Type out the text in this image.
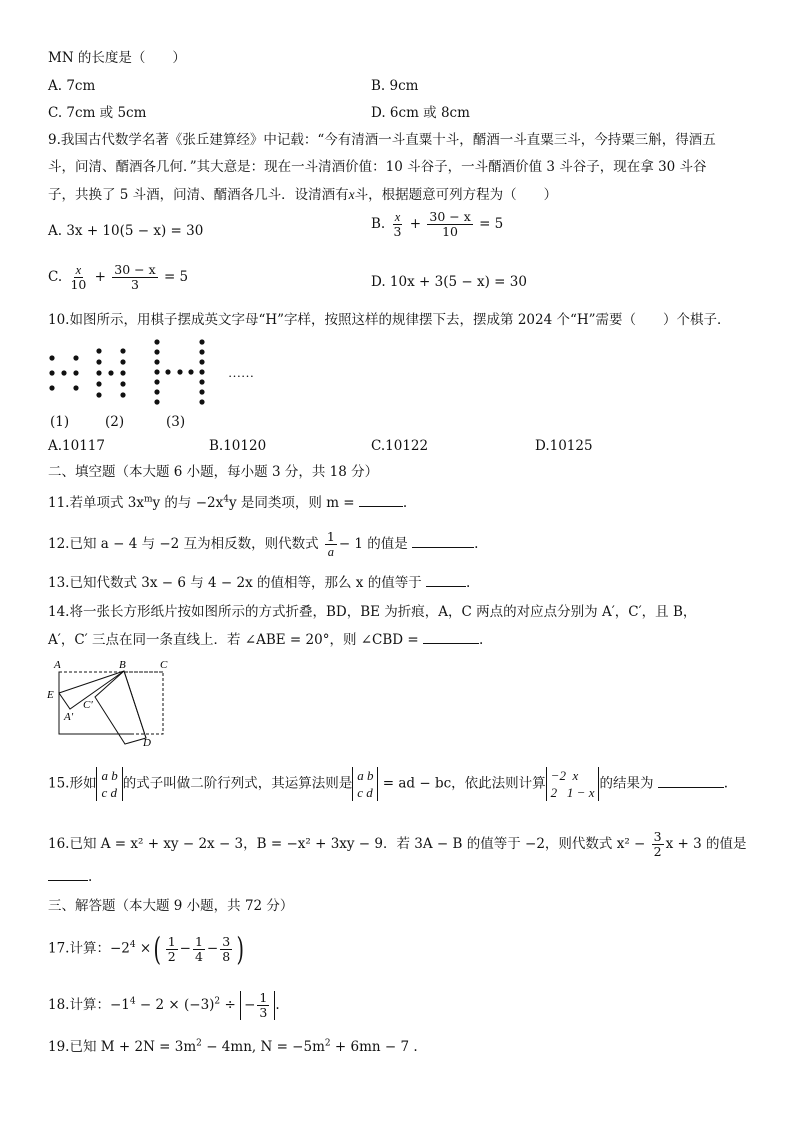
MN 的长度是（　　）
A. 7cm	B. 9cm
C. 7cm 或 5cm	D. 6cm 或 8cm
9.我国古代数学名著《张丘建算经》中记载：“今有清酒一斗直粟十斗，醑酒一斗直粟三斗，今持粟三斛，得酒五
斗，问清、醑酒各几何．”其大意是：现在一斗清酒价值：10 斗谷子，一斗醑酒价值 3 斗谷子，现在拿 30 斗谷
子，共换了 5 斗酒，问清、醑酒各几斗．设清酒有x斗，根据题意可列方程为（　　）
A. 3x + 10(5 − x) = 30	B. $\frac{x}{3} + \frac{30 - x}{10} = 5$
C. $\frac{x}{10} + \frac{30 - x}{3} = 5$	D. 10x + 3(5 − x) = 30
10.如图所示，用棋子摆成英文字母“H”字样，按照这样的规律摆下去，摆成第 2024 个“H”需要（　　）个棋子．
……
(1)	(2)	(3)
A.10117	B.10120	C.10122	D.10125
二、填空题（本大题 6 小题，每小题 3 分，共 18 分）
11.若单项式 $3x^my$ 的与 $-2x^4y$ 是同类项，则 m =	.
12.已知 a − 4 与 −2 互为相反数，则代数式 $\frac{1}{a} - 1$ 的值是	.
13.已知代数式 3x − 6 与 4 − 2x 的值相等，那么 x 的值等于	.
14.将一张长方形纸片按如图所示的方式折叠，BD，BE 为折痕，A，C 两点的对应点分别为 A′，C′，且 B，
A′，C′ 三点在同一条直线上．若 ∠ABE = 20°，则 ∠CBD =	.
A	B	C
E
A′
C′
D
15.形如 a b
c d
的式子叫做二阶行列式，其运算法则是 a b
c d
= ad − bc，依此法则计算 −2  x
2   1 − x
的结果为	.
16.已知 A = x² + xy − 2x − 3，B = −x² + 3xy − 9．若 3A − B 的值等于 −2，则代数式 $x^2 - \frac{3}{2}$ x + 3 的值是
.
三、解答题（本大题 9 小题，共 72 分）
17.计算：$-2^4$ ×( $\frac{1}{2} - \frac{1}{4} - \frac{3}{8}$ )
18.计算：$-1^4 - 2 \times (-3)^2$ ÷ − $\frac{1}{3}$ .
19.已知 $M + 2N = 3m^2 - 4mn$, $N = -5m^2 + 6mn - 7$ .
